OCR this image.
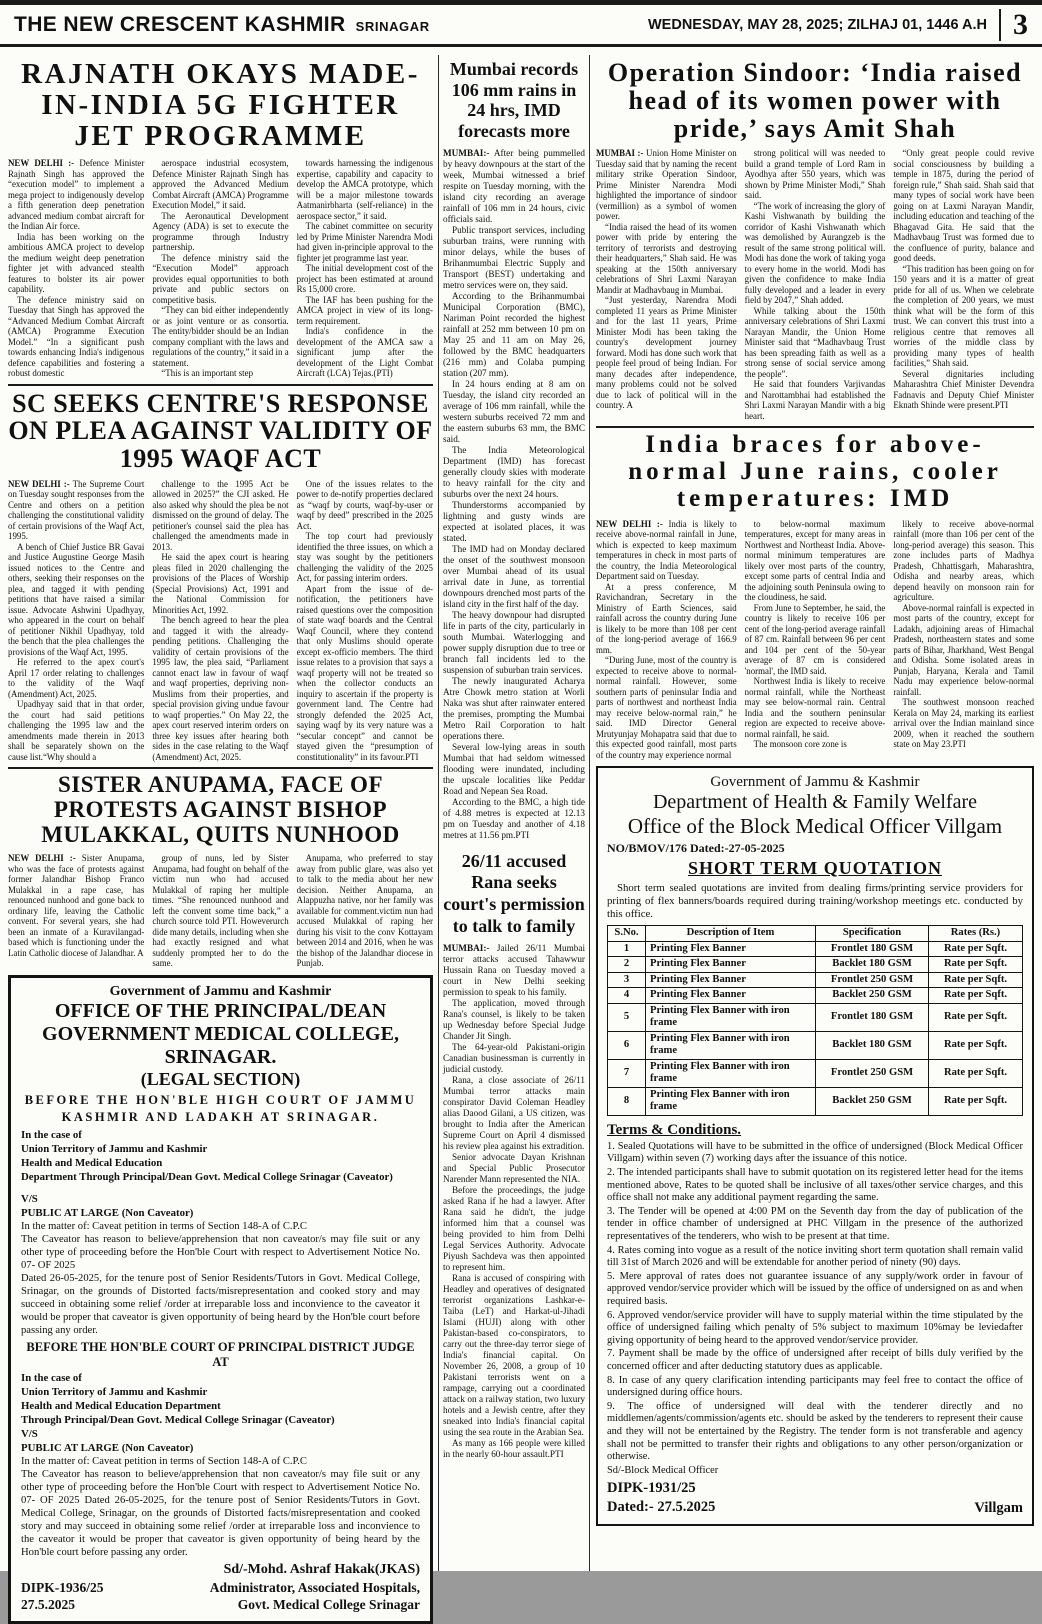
THE NEW CRESCENT KASHMIR SRINAGAR	WEDNESDAY, MAY 28, 2025; ZILHAJ 01, 1446 A.H 3
RAJNATH OKAYS MADE-IN-INDIA 5G FIGHTER JET PROGRAMME

NEW DELHI :- Defence Minister Rajnath Singh has approved the “execution model” to implement a mega project to indigenously develop a fifth generation deep penetration advanced medium combat aircraft for the Indian Air force.

India has been working on the ambitious AMCA project to develop the medium weight deep penetration fighter jet with advanced stealth features to bolster its air power capability.

The defence ministry said on Tuesday that Singh has approved the “Advanced Medium Combat Aircraft (AMCA) Programme Execution Model.” “In a significant push towards enhancing India's indigenous defence capabilities and fostering a robust domestic

aerospace industrial ecosystem, Defence Minister Rajnath Singh has approved the Advanced Medium Combat Aircraft (AMCA) Programme Execution Model,” it said.

The Aeronautical Development Agency (ADA) is set to execute the programme through Industry partnership.

The defence ministry said the “Execution Model” approach provides equal opportunities to both private and public sectors on competitive basis.

“They can bid either independently or as joint venture or as consortia. The entity/bidder should be an Indian company compliant with the laws and regulations of the country,” it said in a statement.

“This is an important step

towards harnessing the indigenous expertise, capability and capacity to develop the AMCA prototype, which will be a major milestone towards Aatmanirbharta (self-reliance) in the aerospace sector,” it said.

The cabinet committee on security led by Prime Minister Narendra Modi had given in-principle approval to the fighter jet programme last year.

The initial development cost of the project has been estimated at around Rs 15,000 crore.

The IAF has been pushing for the AMCA project in view of its long-term requirement.

India's confidence in the development of the AMCA saw a significant jump after the development of the Light Combat Aircraft (LCA) Tejas.(PTI)

SC SEEKS CENTRE'S RESPONSE ON PLEA AGAINST VALIDITY OF 1995 WAQF ACT

NEW DELHI :- The Supreme Court on Tuesday sought responses from the Centre and others on a petition challenging the constitutional validity of certain provisions of the Waqf Act, 1995.

A bench of Chief Justice BR Gavai and Justice Augustine George Masih issued notices to the Centre and others, seeking their responses on the plea, and tagged it with pending petitions that have raised a similar issue. Advocate Ashwini Upadhyay, who appeared in the court on behalf of petitioner Nikhil Upadhyay, told the bench that the plea challenges the provisions of the Waqf Act, 1995.

He referred to the apex court's April 17 order relating to challenges to the validity of the Waqf (Amendment) Act, 2025.

Upadhyay said that in that order, the court had said petitions challenging the 1995 law and the amendments made therein in 2013 shall be separately shown on the cause list.“Why should a

challenge to the 1995 Act be allowed in 2025?” the CJI asked. He also asked why should the plea be not dismissed on the ground of delay. The petitioner's counsel said the plea has challenged the amendments made in 2013.

He said the apex court is hearing pleas filed in 2020 challenging the provisions of the Places of Worship (Special Provisions) Act, 1991 and the National Commission for Minorities Act, 1992.

The bench agreed to hear the plea and tagged it with the already-pending petitions. Challenging the validity of certain provisions of the 1995 law, the plea said, “Parliament cannot enact law in favour of waqf and waqf properties, depriving non-Muslims from their properties, and special provision giving undue favour to waqf properties.” On May 22, the apex court reserved interim orders on three key issues after hearing both sides in the case relating to the Waqf (Amendment) Act, 2025.

One of the issues relates to the power to de-notify properties declared as “waqf by courts, waqf-by-user or waqf by deed” prescribed in the 2025 Act.

The top court had previously identified the three issues, on which a stay was sought by the petitioners challenging the validity of the 2025 Act, for passing interim orders.

Apart from the issue of de-notification, the petitioners have raised questions over the composition of state waqf boards and the Central Waqf Council, where they contend that only Muslims should operate except ex-officio members. The third issue relates to a provision that says a waqf property will not be treated so when the collector conducts an inquiry to ascertain if the property is government land. The Centre had strongly defended the 2025 Act, saying waqf by its very nature was a “secular concept” and cannot be stayed given the “presumption of constitutionality” in its favour.PTI

SISTER ANUPAMA, FACE OF PROTESTS AGAINST BISHOP MULAKKAL, QUITS NUNHOOD

NEW DELHI :- Sister Anupama, who was the face of protests against former Jalandhar Bishop Franco Mulakkal in a rape case, has renounced nunhood and gone back to ordinary life, leaving the Catholic convent. For several years, she had been an inmate of a Kuravilangad-based which is functioning under the Latin Catholic diocese of Jalandhar. A

group of nuns, led by Sister Anupama, had fought on behalf of the victim nun who had accused Mulakkal of raping her multiple times. “She renounced nunhood and left the convent some time back,” a church source told PTI. Howeverurch dide many details, including when she had exactly resigned and what suddenly prompted her to do the same.

Anupama, who preferred to stay away from public glare, was also yet to talk to the media about her new decision. Neither Anupama, an Alappuzha native, nor her family was available for comment.victim nun had accused Mulakkal of raping her during his visit to the conv Kottayam between 2014 and 2016, when he was the bishop of the Jalandhar diocese in Punjab.

Government of Jammu and Kashmir

OFFICE OF THE PRINCIPAL/DEAN

GOVERNMENT MEDICAL COLLEGE, SRINAGAR.

(LEGAL SECTION)

BEFORE THE HON'BLE HIGH COURT OF JAMMU KASHMIR AND LADAKH AT SRINAGAR.

In the case of

Union Territory of Jammu and Kashmir

Health and Medical Education

Department Through Principal/Dean Govt. Medical College Srinagar (Caveator)

V/S

PUBLIC AT LARGE (Non Caveator)

In the matter of: Caveat petition in terms of Section 148-A of C.P.C

The Caveator has reason to believe/apprehension that non caveator/s may file suit or any other type of proceeding before the Hon'ble Court with respect to Advertisement Notice No. 07- OF 2025

Dated 26-05-2025, for the tenure post of Senior Residents/Tutors in Govt. Medical College, Srinagar, on the grounds of Distorted facts/misrepresentation and cooked story and may succeed in obtaining some relief /order at irreparable loss and inconvience to the caveator it would be proper that caveator is given opportunity of being heard by the Hon'ble court before passing any order.

BEFORE THE HON'BLE COURT OF PRINCIPAL DISTRICT JUDGE AT

In the case of

Union Territory of Jammu and Kashmir

Health and Medical Education Department

Through Principal/Dean Govt. Medical College Srinagar (Caveator)

V/S

PUBLIC AT LARGE (Non Caveator)

In the matter of: Caveat petition in terms of Section 148-A of C.P.C

The Caveator has reason to believe/apprehension that non caveator/s may file suit or any other type of proceeding before the Hon'ble Court with respect to Advertisement Notice No. 07- OF 2025 Dated 26-05-2025, for the tenure post of Senior Residents/Tutors in Govt. Medical College, Srinagar, on the grounds of Distorted facts/misrepresentation and cooked story and may succeed in obtaining some relief /order at irreparable loss and inconvience to the caveator it would be proper that caveator is given opportunity of being heard by the Hon'ble court before passing any order.

Sd/-Mohd. Ashraf Hakak(JKAS)

DIPK-1936/25

27.5.2025

Administrator, Associated Hospitals,

Govt. Medical College Srinagar

Mumbai records 106 mm rains in 24 hrs, IMD forecasts more

MUMBAI:- After being pummelled by heavy downpours at the start of the week, Mumbai witnessed a brief respite on Tuesday morning, with the island city recording an average rainfall of 106 mm in 24 hours, civic officials said.

Public transport services, including suburban trains, were running with minor delays, while the buses of Brihanmumbai Electric Supply and Transport (BEST) undertaking and metro services were on, they said.

According to the Brihanmumbai Municipal Corporation (BMC), Nariman Point recorded the highest rainfall at 252 mm between 10 pm on May 25 and 11 am on May 26, followed by the BMC headquarters (216 mm) and Colaba pumping station (207 mm).

In 24 hours ending at 8 am on Tuesday, the island city recorded an average of 106 mm rainfall, while the western suburbs received 72 mm and the eastern suburbs 63 mm, the BMC said.

The India Meteorological Department (IMD) has forecast generally cloudy skies with moderate to heavy rainfall for the city and suburbs over the next 24 hours.

Thunderstorms accompanied by lightning and gusty winds are expected at isolated places, it was stated.

The IMD had on Monday declared the onset of the southwest monsoon over Mumbai ahead of its usual arrival date in June, as torrential downpours drenched most parts of the island city in the first half of the day.

The heavy downpour had disrupted life in parts of the city, particularly in south Mumbai. Waterlogging and power supply disruption due to tree or branch fall incidents led to the suspension of suburban train services.

The newly inaugurated Acharya Atre Chowk metro station at Worli Naka was shut after rainwater entered the premises, prompting the Mumbai Metro Rail Corporation to halt operations there.

Several low-lying areas in south Mumbai that had seldom witnessed flooding were inundated, including the upscale localities like Peddar Road and Nepean Sea Road.

According to the BMC, a high tide of 4.88 metres is expected at 12.13 pm on Tuesday and another of 4.18 metres at 11.56 pm.PTI

26/11 accused Rana seeks court's permission to talk to family

MUMBAI:- Jailed 26/11 Mumbai terror attacks accused Tahawwur Hussain Rana on Tuesday moved a court in New Delhi seeking permission to speak to his family.

The application, moved through Rana's counsel, is likely to be taken up Wednesday before Special Judge Chander Jit Singh.

The 64-year-old Pakistani-origin Canadian businessman is currently in judicial custody.

Rana, a close associate of 26/11 Mumbai terror attacks main conspirator David Coleman Headley alias Daood Gilani, a US citizen, was brought to India after the American Supreme Court on April 4 dismissed his review plea against his extradition.

Senior advocate Dayan Krishnan and Special Public Prosecutor Narender Mann represented the NIA.

Before the proceedings, the judge asked Rana if he had a lawyer. After Rana said he didn't, the judge informed him that a counsel was being provided to him from Delhi Legal Services Authority. Advocate Piyush Sachdeva was then appointed to represent him.

Rana is accused of conspiring with Headley and operatives of designated terrorist organizations Lashkar-e-Taiba (LeT) and Harkat-ul-Jihadi Islami (HUJI) along with other Pakistan-based co-conspirators, to carry out the three-day terror siege of India's financial capital. On November 26, 2008, a group of 10 Pakistani terrorists went on a rampage, carrying out a coordinated attack on a railway station, two luxury hotels and a Jewish centre, after they sneaked into India's financial capital using the sea route in the Arabian Sea.

As many as 166 people were killed in the nearly 60-hour assault.PTI

Operation Sindoor: ‘India raised head of its women power with pride,’ says Amit Shah

MUMBAI :- Union Home Minister on Tuesday said that by naming the recent military strike Operation Sindoor, Prime Minister Narendra Modi highlighted the importance of sindoor (vermillion) as a symbol of women power.

“India raised the head of its women power with pride by entering the territory of terrorists and destroying their headquarters,” Shah said. He was speaking at the 150th anniversary celebrations of Shri Laxmi Narayan Mandir at Madhavbaug in Mumbai.

“Just yesterday, Narendra Modi completed 11 years as Prime Minister and for the last 11 years, Prime Minister Modi has been taking the country's development journey forward. Modi has done such work that people feel proud of being Indian. For many decades after independence, many problems could not be solved due to lack of political will in the country. A

strong political will was needed to build a grand temple of Lord Ram in Ayodhya after 550 years, which was shown by Prime Minister Modi,” Shah said.

“The work of increasing the glory of Kashi Vishwanath by building the corridor of Kashi Vishwanath which was demolished by Aurangzeb is the result of the same strong political will. Modi has done the work of taking yoga to every home in the world. Modi has given the confidence to make India fully developed and a leader in every field by 2047,” Shah added.

While talking about the 150th anniversary celebrations of Shri Laxmi Narayan Mandir, the Union Home Minister said that “Madhavbaug Trust has been spreading faith as well as a strong sense of social service among the people”.

He said that founders Varjivandas and Narottambhai had established the Shri Laxmi Narayan Mandir with a big heart.

“Only great people could revive social consciousness by building a temple in 1875, during the period of foreign rule,” Shah said. Shah said that many types of social work have been going on at Laxmi Narayan Mandir, including education and teaching of the Bhagavad Gita. He said that the Madhavbaug Trust was formed due to the confluence of purity, balance and good deeds.

“This tradition has been going on for 150 years and it is a matter of great pride for all of us. When we celebrate the completion of 200 years, we must think what will be the form of this trust. We can convert this trust into a religious centre that removes all worries of the middle class by providing many types of health facilities,” Shah said.

Several dignitaries including Maharashtra Chief Minister Devendra Fadnavis and Deputy Chief Minister Eknath Shinde were present.PTI

India braces for above-normal June rains, cooler temperatures: IMD

NEW DELHI :- India is likely to receive above-normal rainfall in June, which is expected to keep maximum temperatures in check in most parts of the country, the India Meteorological Department said on Tuesday.

At a press conference, M Ravichandran, Secretary in the Ministry of Earth Sciences, said rainfall across the country during June is likely to be more than 108 per cent of the long-period average of 166.9 mm.

“During June, most of the country is expected to receive above to normal-normal rainfall. However, some southern parts of peninsular India and parts of northwest and northeast India may receive below-normal rain,” he said. IMD Director General Mrutyunjay Mohapatra said that due to this expected good rainfall, most parts of the country may experience normal

to below-normal maximum temperatures, except for many areas in Northwest and Northeast India. Above-normal minimum temperatures are likely over most parts of the country, except some parts of central India and the adjoining south Peninsula owing to the cloudiness, he said.

From June to September, he said, the country is likely to receive 106 per cent of the long-period average rainfall of 87 cm. Rainfall between 96 per cent and 104 per cent of the 50-year average of 87 cm is considered 'normal', the IMD said.

Northwest India is likely to receive normal rainfall, while the Northeast may see below-normal rain. Central India and the southern peninsular region are expected to receive above-normal rainfall, he said.

The monsoon core zone is

likely to receive above-normal rainfall (more than 106 per cent of the long-period average) this season. This zone includes parts of Madhya Pradesh, Chhattisgarh, Maharashtra, Odisha and nearby areas, which depend heavily on monsoon rain for agriculture.

Above-normal rainfall is expected in most parts of the country, except for Ladakh, adjoining areas of Himachal Pradesh, northeastern states and some parts of Bihar, Jharkhand, West Bengal and Odisha. Some isolated areas in Punjab, Haryana, Kerala and Tamil Nadu may experience below-normal rainfall.

The southwest monsoon reached Kerala on May 24, marking its earliest arrival over the Indian mainland since 2009, when it reached the southern state on May 23.PTI

Government of Jammu & Kashmir

Department of Health & Family Welfare

Office of the Block Medical Officer Villgam

NO/BMOV/176 Dated:-27-05-2025

SHORT TERM QUOTATION

Short term sealed quotations are invited from dealing firms/printing service providers for printing of flex banners/boards required during training/workshop meetings etc. conducted by this office.

S.No.	Description of Item	Specification	Rates (Rs.)
1	Printing Flex Banner	Frontlet 180 GSM	Rate per Sqft.
2	Printing Flex Banner	Backlet 180 GSM	Rate per Sqft.
3	Printing Flex Banner	Frontlet 250 GSM	Rate per Sqft.
4	Printing Flex Banner	Backlet 250 GSM	Rate per Sqft.
5	Printing Flex Banner with iron frame	Frontlet 180 GSM	Rate per Sqft.
6	Printing Flex Banner with iron frame	Backlet 180 GSM	Rate per Sqft.
7	Printing Flex Banner with iron frame	Frontlet 250 GSM	Rate per Sqft.
8	Printing Flex Banner with iron frame	Backlet 250 GSM	Rate per Sqft.

Terms & Conditions.

1. Sealed Quotations will have to be submitted in the office of undersigned (Block Medical Officer Villgam) within seven (7) working days after the issuance of this notice.

2. The intended participants shall have to submit quotation on its registered letter head for the items mentioned above, Rates to be quoted shall be inclusive of all taxes/other service charges, and this office shall not make any additional payment regarding the same.

3. The Tender will be opened at 4:00 PM on the Seventh day from the day of publication of the tender in office chamber of undersigned at PHC Villgam in the presence of the authorized representatives of the tenderers, who wish to be present at that time.

4. Rates coming into vogue as a result of the notice inviting short term quotation shall remain valid till 31st of March 2026 and will be extendable for another period of ninety (90) days.

5. Mere approval of rates does not guarantee issuance of any supply/work order in favour of approved vendor/service provider which will be issued by the office of undersigned on as and when required basis.

6. Approved vendor/service provider will have to supply material within the time stipulated by the office of undersigned failing which penalty of 5% subject to maximum 10%may be leviedafter giving opportunity of being heard to the approved vendor/service provider.

7. Payment shall be made by the office of undersigned after receipt of bills duly verified by the concerned officer and after deducting statutory dues as applicable.

8. In case of any query clarification intending participants may feel free to contact the office of undersigned during office hours.

9. The office of undersigned will deal with the tenderer directly and no middlemen/agents/commission/agents etc. should be asked by the tenderers to represent their cause and they will not be entertained by the Registry. The tender form is not transferable and agency shall not be permitted to transfer their rights and obligations to any other person/organization or otherwise.

Sd/-Block Medical Officer

DIPK-1931/25

Dated:- 27.5.2025	Villgam
